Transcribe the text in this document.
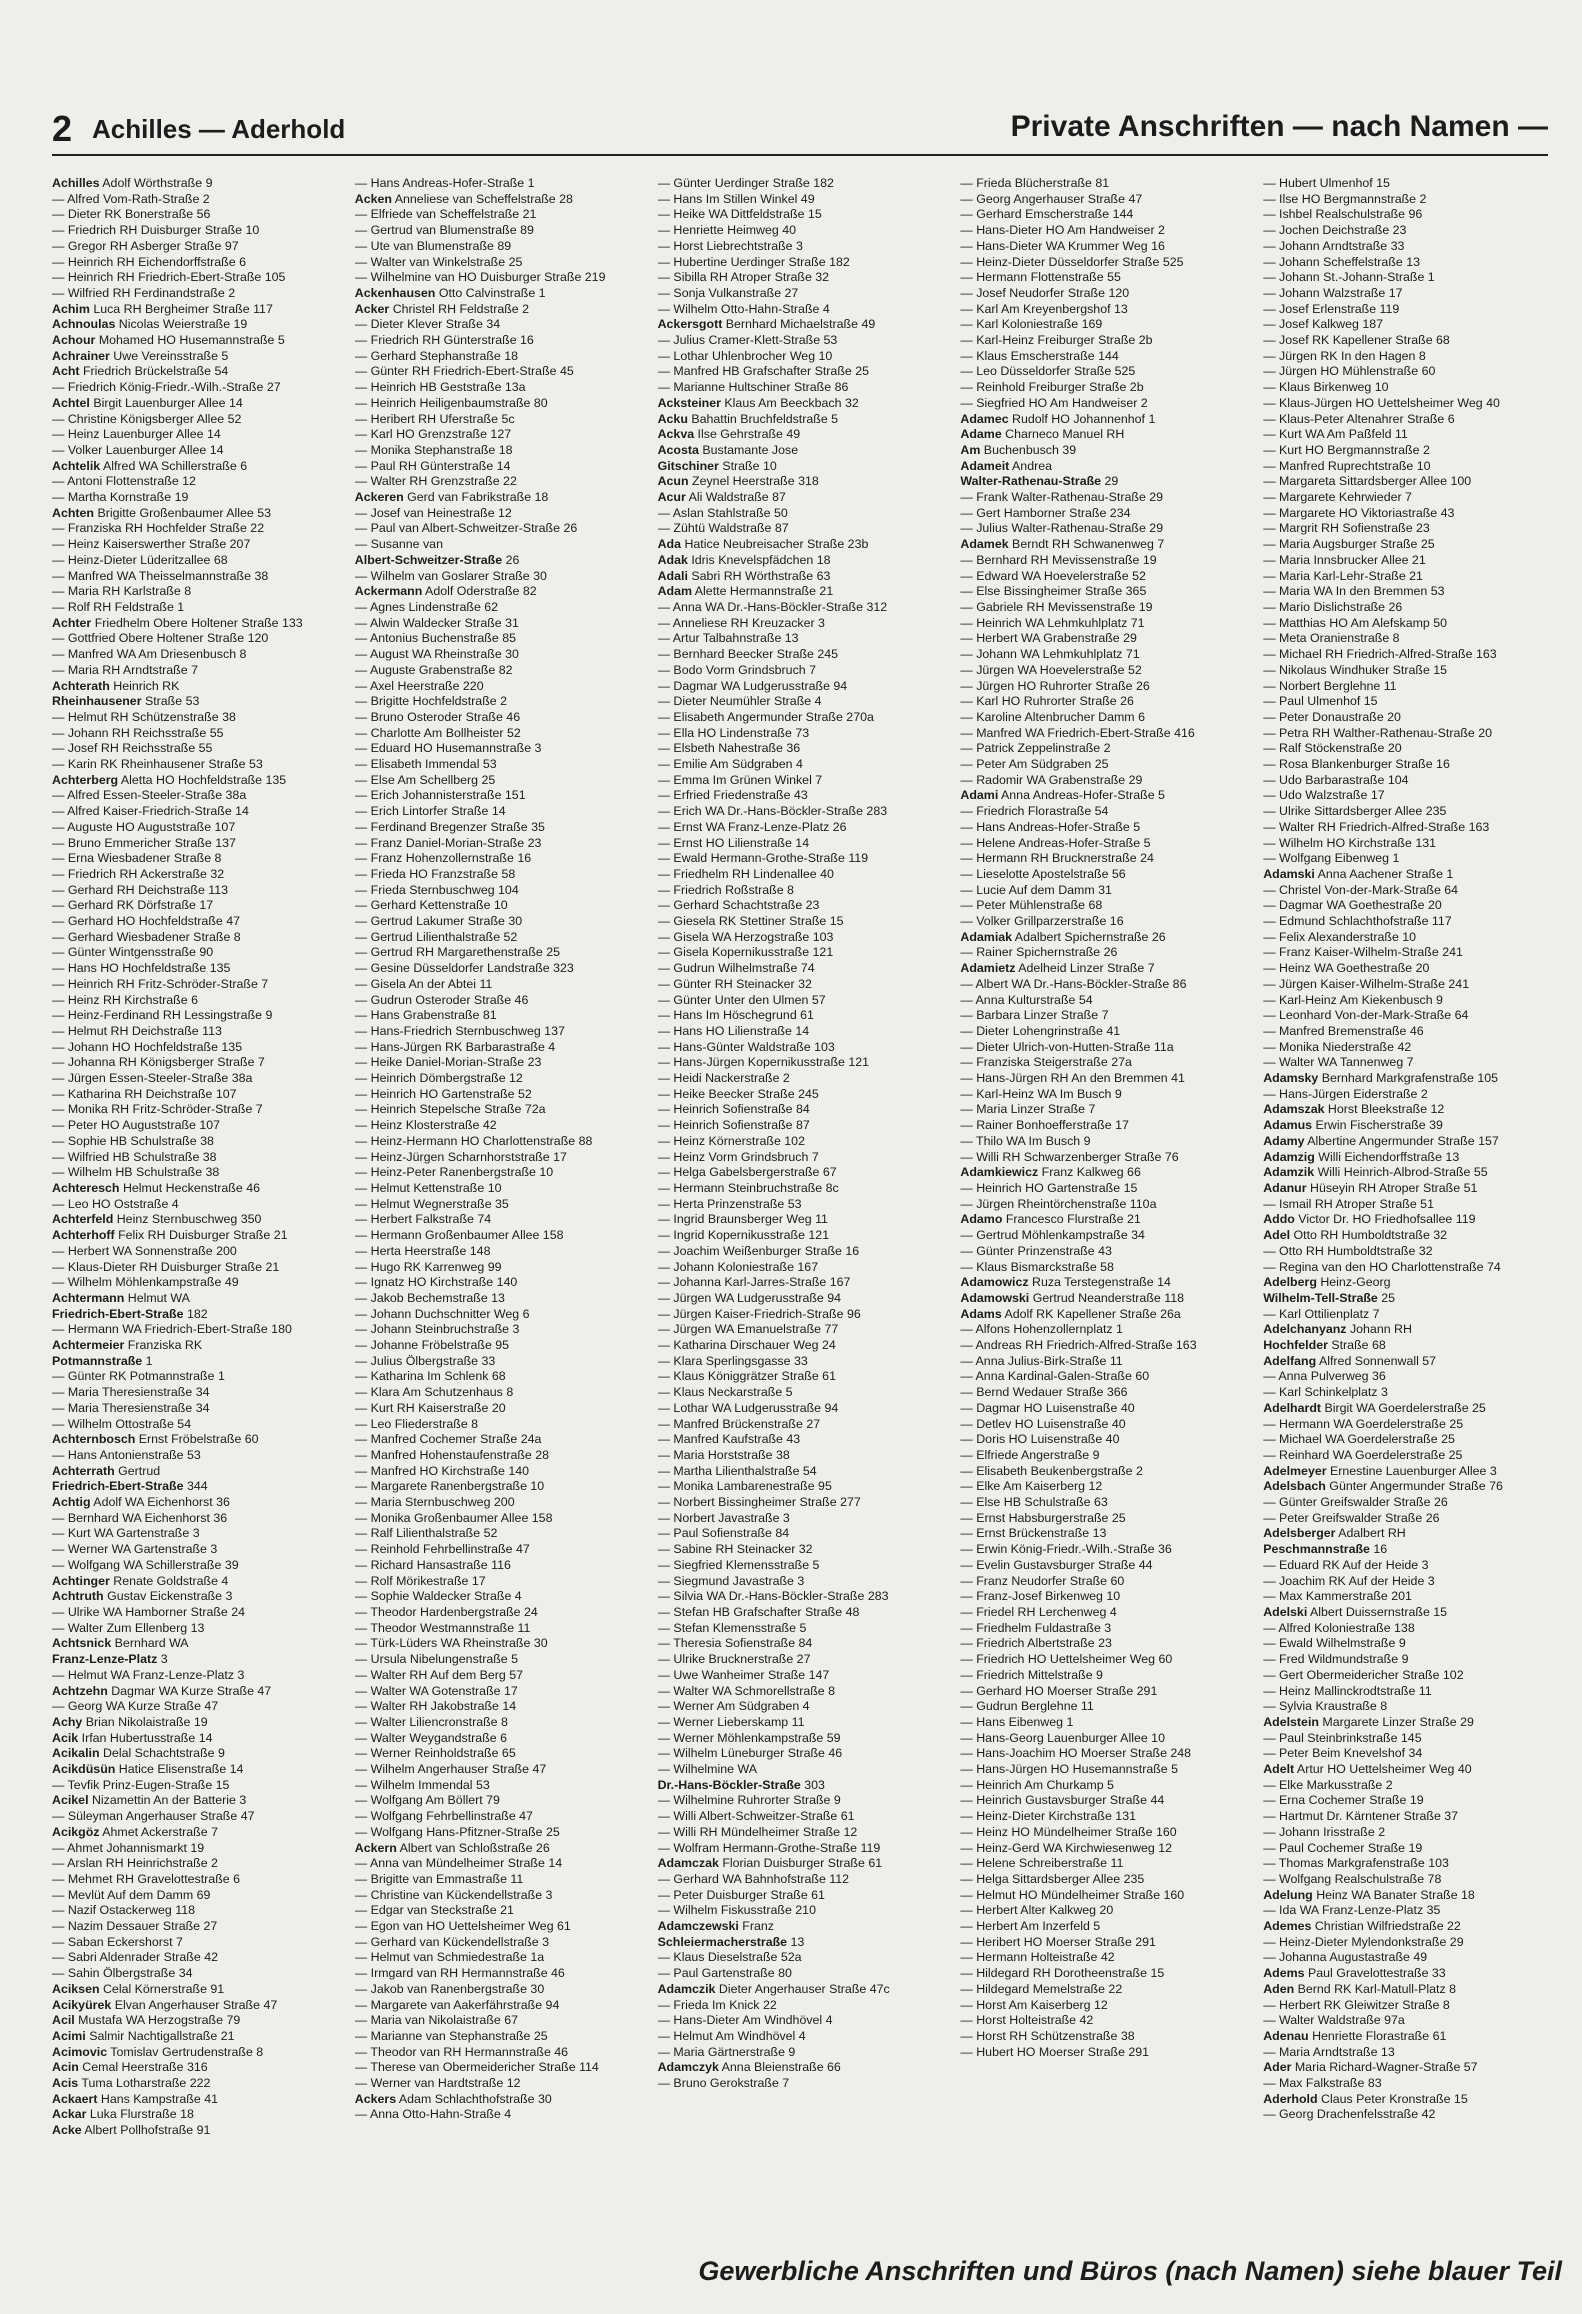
2 Achilles — Aderhold	Private Anschriften — nach Namen —
Achilles Adolf Wörthstraße 9
— Alfred Vom-Rath-Straße 2
— Dieter RK Bonerstraße 56
— Friedrich RH Duisburger Straße 10
— Gregor RH Asberger Straße 97
— Heinrich RH Eichendorffstraße 6
— Heinrich RH Friedrich-Ebert-Straße 105
— Wilfried RH Ferdinandstraße 2
Achim Luca RH Bergheimer Straße 117
Achnoulas Nicolas Weierstraße 19
Achour Mohamed HO Husemannstraße 5
Achrainer Uwe Vereinsstraße 5
Acht Friedrich Brückelstraße 54
— Friedrich König-Friedr.-Wilh.-Straße 27
Achtel Birgit Lauenburger Allee 14
— Christine Königsberger Allee 52
— Heinz Lauenburger Allee 14
— Volker Lauenburger Allee 14
Achtelik Alfred WA Schillerstraße 6
— Antoni Flottenstraße 12
— Martha Kornstraße 19
Achten Brigitte Großenbaumer Allee 53
— Franziska RH Hochfelder Straße 22
— Heinz Kaiserswerther Straße 207
— Heinz-Dieter Lüderitzallee 68
— Manfred WA Theisselmannstraße 38
— Maria RH Karlstraße 8
— Rolf RH Feldstraße 1
Achter Friedhelm Obere Holtener Straße 133
— Gottfried Obere Holtener Straße 120
— Manfred WA Am Driesenbusch 8
— Maria RH Arndtstraße 7
Achterath Heinrich RK
Rheinhausener Straße 53
— Helmut RH Schützenstraße 38
— Johann RH Reichsstraße 55
— Josef RH Reichsstraße 55
— Karin RK Rheinhausener Straße 53
Achterberg Aletta HO Hochfeldstraße 135
— Alfred Essen-Steeler-Straße 38a
— Alfred Kaiser-Friedrich-Straße 14
— Auguste HO Auguststraße 107
— Bruno Emmericher Straße 137
— Erna Wiesbadener Straße 8
— Friedrich RH Ackerstraße 32
— Gerhard RH Deichstraße 113
— Gerhard RK Dörfstraße 17
— Gerhard HO Hochfeldstraße 47
— Gerhard Wiesbadener Straße 8
— Günter Wintgensstraße 90
— Hans HO Hochfeldstraße 135
— Heinrich RH Fritz-Schröder-Straße 7
— Heinz RH Kirchstraße 6
— Heinz-Ferdinand RH Lessingstraße 9
— Helmut RH Deichstraße 113
— Johann HO Hochfeldstraße 135
— Johanna RH Königsberger Straße 7
— Jürgen Essen-Steeler-Straße 38a
— Katharina RH Deichstraße 107
— Monika RH Fritz-Schröder-Straße 7
— Peter HO Auguststraße 107
— Sophie HB Schulstraße 38
— Wilfried HB Schulstraße 38
— Wilhelm HB Schulstraße 38
Achteresch Helmut Heckenstraße 46
— Leo HO Oststraße 4
Achterfeld Heinz Sternbuschweg 350
Achterhoff Felix RH Duisburger Straße 21
— Herbert WA Sonnenstraße 200
— Klaus-Dieter RH Duisburger Straße 21
— Wilhelm Möhlenkampstraße 49
Achtermann Helmut WA
Friedrich-Ebert-Straße 182
— Hermann WA Friedrich-Ebert-Straße 180
Achtermeier Franziska RK
Potmannstraße 1
— Günter RK Potmannstraße 1
— Maria Theresienstraße 34
— Maria Theresienstraße 34
— Wilhelm Ottostraße 54
Achternbosch Ernst Fröbelstraße 60
— Hans Antonienstraße 53
Achterrath Gertrud
Friedrich-Ebert-Straße 344
Achtig Adolf WA Eichenhorst 36
— Bernhard WA Eichenhorst 36
— Kurt WA Gartenstraße 3
— Werner WA Gartenstraße 3
— Wolfgang WA Schillerstraße 39
Achtinger Renate Goldstraße 4
Achtruth Gustav Eickenstraße 3
— Ulrike WA Hamborner Straße 24
— Walter Zum Ellenberg 13
Achtsnick Bernhard WA
Franz-Lenze-Platz 3
— Helmut WA Franz-Lenze-Platz 3
Achtzehn Dagmar WA Kurze Straße 47
— Georg WA Kurze Straße 47
Achy Brian Nikolaistraße 19
Acik Irfan Hubertusstraße 14
Acikalin Delal Schachtstraße 9
Acikdüsün Hatice Elisenstraße 14
— Tevfik Prinz-Eugen-Straße 15
Acikel Nizamettin An der Batterie 3
— Süleyman Angerhauser Straße 47
Acikgöz Ahmet Ackerstraße 7
— Ahmet Johannismarkt 19
— Arslan RH Heinrichstraße 2
— Mehmet RH Gravelottestraße 6
— Mevlüt Auf dem Damm 69
— Nazif Ostackerweg 118
— Nazim Dessauer Straße 27
— Saban Eckershorst 7
— Sabri Aldenrader Straße 42
— Sahin Ölbergstraße 34
Aciksen Celal Körnerstraße 91
Acikyürek Elvan Angerhauser Straße 47
Acil Mustafa WA Herzogstraße 79
Acimi Salmir Nachtigallstraße 21
Acimovic Tomislav Gertrudenstraße 8
Acin Cemal Heerstraße 316
Acis Tuma Lotharstraße 222
Ackaert Hans Kampstraße 41
Ackar Luka Flurstraße 18
Acke Albert Pollhofstraße 91
— Hans Andreas-Hofer-Straße 1
Acken Anneliese van Scheffelstraße 28
— Elfriede van Scheffelstraße 21
— Gertrud van Blumenstraße 89
— Ute van Blumenstraße 89
— Walter van Winkelstraße 25
— Wilhelmine van HO Duisburger Straße 219
Ackenhausen Otto Calvinstraße 1
Acker Christel RH Feldstraße 2
— Dieter Klever Straße 34
— Friedrich RH Günterstraße 16
— Gerhard Stephanstraße 18
— Günter RH Friedrich-Ebert-Straße 45
— Heinrich HB Geststraße 13a
— Heinrich Heiligenbaumstraße 80
— Heribert RH Uferstraße 5c
— Karl HO Grenzstraße 127
— Monika Stephanstraße 18
— Paul RH Günterstraße 14
— Walter RH Grenzstraße 22
Ackeren Gerd van Fabrikstraße 18
— Josef van Heinestraße 12
— Paul van Albert-Schweitzer-Straße 26
— Susanne van
Albert-Schweitzer-Straße 26
— Wilhelm van Goslarer Straße 30
Ackermann Adolf Oderstraße 82
— Agnes Lindenstraße 62
— Alwin Waldecker Straße 31
— Antonius Buchenstraße 85
— August WA Rheinstraße 30
— Auguste Grabenstraße 82
— Axel Heerstraße 220
— Brigitte Hochfeldstraße 2
— Bruno Osteroder Straße 46
— Charlotte Am Bollheister 52
— Eduard HO Husemannstraße 3
— Elisabeth Immendal 53
— Else Am Schellberg 25
— Erich Johannisterstraße 151
— Erich Lintorfer Straße 14
— Ferdinand Bregenzer Straße 35
— Franz Daniel-Morian-Straße 23
— Franz Hohenzollernstraße 16
— Frieda HO Franzstraße 58
— Frieda Sternbuschweg 104
— Gerhard Kettenstraße 10
— Gertrud Lakumer Straße 30
— Gertrud Lilienthalstraße 52
— Gertrud RH Margarethenstraße 25
— Gesine Düsseldorfer Landstraße 323
— Gisela An der Abtei 11
— Gudrun Osteroder Straße 46
— Hans Grabenstraße 81
— Hans-Friedrich Sternbuschweg 137
— Hans-Jürgen RK Barbarastraße 4
— Heike Daniel-Morian-Straße 23
— Heinrich Dömbergstraße 12
— Heinrich HO Gartenstraße 52
— Heinrich Stepelsche Straße 72a
— Heinz Klosterstraße 42
— Heinz-Hermann HO Charlottenstraße 88
— Heinz-Jürgen Scharnhorststraße 17
— Heinz-Peter Ranenbergstraße 10
— Helmut Kettenstraße 10
— Helmut Wegnerstraße 35
— Herbert Falkstraße 74
— Hermann Großenbaumer Allee 158
— Herta Heerstraße 148
— Hugo RK Karrenweg 99
— Ignatz HO Kirchstraße 140
— Jakob Bechemstraße 13
— Johann Duchschnitter Weg 6
— Johann Steinbruchstraße 3
— Johanne Fröbelstraße 95
— Julius Ölbergstraße 33
— Katharina Im Schlenk 68
— Klara Am Schutzenhaus 8
— Kurt RH Kaiserstraße 20
— Leo Fliederstraße 8
— Manfred Cochemer Straße 24a
— Manfred Hohenstaufenstraße 28
— Manfred HO Kirchstraße 140
— Margarete Ranenbergstraße 10
— Maria Sternbuschweg 200
— Monika Großenbaumer Allee 158
— Ralf Lilienthalstraße 52
— Reinhold Fehrbellinstraße 47
— Richard Hansastraße 116
— Rolf Mörikestraße 17
— Sophie Waldecker Straße 4
— Theodor Hardenbergstraße 24
— Theodor Westmannstraße 11
— Türk-Lüders WA Rheinstraße 30
— Ursula Nibelungenstraße 5
— Walter RH Auf dem Berg 57
— Walter WA Gotenstraße 17
— Walter RH Jakobstraße 14
— Walter Liliencronstraße 8
— Walter Weygandstraße 6
— Werner Reinholdstraße 65
— Wilhelm Angerhauser Straße 47
— Wilhelm Immendal 53
— Wolfgang Am Böllert 79
— Wolfgang Fehrbellinstraße 47
— Wolfgang Hans-Pfitzner-Straße 25
Ackern Albert van Schloßstraße 26
— Anna van Mündelheimer Straße 14
— Brigitte van Emmastraße 11
— Christine van Kückendellstraße 3
— Edgar van Steckstraße 21
— Egon van HO Uettelsheimer Weg 61
— Gerhard van Kückendellstraße 3
— Helmut van Schmiedestraße 1a
— Irmgard van RH Hermannstraße 46
— Jakob van Ranenbergstraße 30
— Margarete van Aakerfährstraße 94
— Maria van Nikolaistraße 67
— Marianne van Stephanstraße 25
— Theodor van RH Hermannstraße 46
— Therese van Obermeidericher Straße 114
— Werner van Hardtstraße 12
Ackers Adam Schlachthofstraße 30
— Anna Otto-Hahn-Straße 4
— Günter Uerdinger Straße 182
— Hans Im Stillen Winkel 49
— Heike WA Dittfeldstraße 15
— Henriette Heimweg 40
— Horst Liebrechtstraße 3
— Hubertine Uerdinger Straße 182
— Sibilla RH Atroper Straße 32
— Sonja Vulkanstraße 27
— Wilhelm Otto-Hahn-Straße 4
Ackersgott Bernhard Michaelstraße 49
— Julius Cramer-Klett-Straße 53
— Lothar Uhlenbrocher Weg 10
— Manfred HB Grafschafter Straße 25
— Marianne Hultschiner Straße 86
Acksteiner Klaus Am Beeckbach 32
Acku Bahattin Bruchfeldstraße 5
Ackva Ilse Gehrstraße 49
Acosta Bustamante Jose
Gitschiner Straße 10
Acun Zeynel Heerstraße 318
Acur Ali Waldstraße 87
— Aslan Stahlstraße 50
— Zühtü Waldstraße 87
Ada Hatice Neubreisacher Straße 23b
Adak Idris Knevelspfädchen 18
Adali Sabri RH Wörthstraße 63
Adam Alette Hermannstraße 21
— Anna WA Dr.-Hans-Böckler-Straße 312
— Anneliese RH Kreuzacker 3
— Artur Talbahnstraße 13
— Bernhard Beecker Straße 245
— Bodo Vorm Grindsbruch 7
— Dagmar WA Ludgerusstraße 94
— Dieter Neumühler Straße 4
— Elisabeth Angermunder Straße 270a
— Ella HO Lindenstraße 73
— Elsbeth Nahestraße 36
— Emilie Am Südgraben 4
— Emma Im Grünen Winkel 7
— Erfried Friedenstraße 43
— Erich WA Dr.-Hans-Böckler-Straße 283
— Ernst WA Franz-Lenze-Platz 26
— Ernst HO Lilienstraße 14
— Ewald Hermann-Grothe-Straße 119
— Friedhelm RH Lindenallee 40
— Friedrich Roßstraße 8
— Gerhard Schachtstraße 23
— Giesela RK Stettiner Straße 15
— Gisela WA Herzogstraße 103
— Gisela Kopernikusstraße 121
— Gudrun Wilhelmstraße 74
— Günter RH Steinacker 32
— Günter Unter den Ulmen 57
— Hans Im Höschegrund 61
— Hans HO Lilienstraße 14
— Hans-Günter Waldstraße 103
— Hans-Jürgen Kopernikusstraße 121
— Heidi Nackerstraße 2
— Heike Beecker Straße 245
— Heinrich Sofienstraße 84
— Heinrich Sofienstraße 87
— Heinz Körnerstraße 102
— Heinz Vorm Grindsbruch 7
— Helga Gabelsbergerstraße 67
— Hermann Steinbruchstraße 8c
— Herta Prinzenstraße 53
— Ingrid Braunsberger Weg 11
— Ingrid Kopernikusstraße 121
— Joachim Weißenburger Straße 16
— Johann Koloniestraße 167
— Johanna Karl-Jarres-Straße 167
— Jürgen WA Ludgerusstraße 94
— Jürgen Kaiser-Friedrich-Straße 96
— Jürgen WA Emanuelstraße 77
— Katharina Dirschauer Weg 24
— Klara Sperlingsgasse 33
— Klaus Königgrätzer Straße 61
— Klaus Neckarstraße 5
— Lothar WA Ludgerusstraße 94
— Manfred Brückenstraße 27
— Manfred Kaufstraße 43
— Maria Horststraße 38
— Martha Lilienthalstraße 54
— Monika Lambarenestraße 95
— Norbert Bissingheimer Straße 277
— Norbert Javastraße 3
— Paul Sofienstraße 84
— Sabine RH Steinacker 32
— Siegfried Klemensstraße 5
— Siegmund Javastraße 3
— Silvia WA Dr.-Hans-Böckler-Straße 283
— Stefan HB Grafschafter Straße 48
— Stefan Klemensstraße 5
— Theresia Sofienstraße 84
— Ulrike Brucknerstraße 27
— Uwe Wanheimer Straße 147
— Walter WA Schmorellstraße 8
— Werner Am Südgraben 4
— Werner Lieberskamp 11
— Werner Möhlenkampstraße 59
— Wilhelm Lüneburger Straße 46
— Wilhelmine WA
Dr.-Hans-Böckler-Straße 303
— Wilhelmine Ruhrorter Straße 9
— Willi Albert-Schweitzer-Straße 61
— Willi RH Mündelheimer Straße 12
— Wolfram Hermann-Grothe-Straße 119
Adamczak Florian Duisburger Straße 61
— Gerhard WA Bahnhofstraße 112
— Peter Duisburger Straße 61
— Wilhelm Fiskusstraße 210
Adamczewski Franz
Schleiermacherstraße 13
— Klaus Dieselstraße 52a
— Paul Gartenstraße 80
Adamczik Dieter Angerhauser Straße 47c
— Frieda Im Knick 22
— Hans-Dieter Am Windhövel 4
— Helmut Am Windhövel 4
— Maria Gärtnerstraße 9
Adamczyk Anna Bleienstraße 66
— Bruno Gerokstraße 7
— Frieda Blücherstraße 81
— Georg Angerhauser Straße 47
— Gerhard Emscherstraße 144
— Hans-Dieter HO Am Handweiser 2
— Hans-Dieter WA Krummer Weg 16
— Heinz-Dieter Düsseldorfer Straße 525
— Hermann Flottenstraße 55
— Josef Neudorfer Straße 120
— Karl Am Kreyenbergshof 13
— Karl Koloniestraße 169
— Karl-Heinz Freiburger Straße 2b
— Klaus Emscherstraße 144
— Leo Düsseldorfer Straße 525
— Reinhold Freiburger Straße 2b
— Siegfried HO Am Handweiser 2
Adamec Rudolf HO Johannenhof 1
Adame Charneco Manuel RH
Am Buchenbusch 39
Adameit Andrea
Walter-Rathenau-Straße 29
— Frank Walter-Rathenau-Straße 29
— Gert Hamborner Straße 234
— Julius Walter-Rathenau-Straße 29
Adamek Berndt RH Schwanenweg 7
— Bernhard RH Mevissenstraße 19
— Edward WA Hoevelerstraße 52
— Else Bissingheimer Straße 365
— Gabriele RH Mevissenstraße 19
— Heinrich WA Lehmkuhlplatz 71
— Herbert WA Grabenstraße 29
— Johann WA Lehmkuhlplatz 71
— Jürgen WA Hoevelerstraße 52
— Jürgen HO Ruhrorter Straße 26
— Karl HO Ruhrorter Straße 26
— Karoline Altenbrucher Damm 6
— Manfred WA Friedrich-Ebert-Straße 416
— Patrick Zeppelinstraße 2
— Peter Am Südgraben 25
— Radomir WA Grabenstraße 29
Adami Anna Andreas-Hofer-Straße 5
— Friedrich Florastraße 54
— Hans Andreas-Hofer-Straße 5
— Helene Andreas-Hofer-Straße 5
— Hermann RH Brucknerstraße 24
— Lieselotte Apostelstraße 56
— Lucie Auf dem Damm 31
— Peter Mühlenstraße 68
— Volker Grillparzerstraße 16
Adamiak Adalbert Spichernstraße 26
— Rainer Spichernstraße 26
Adamietz Adelheid Linzer Straße 7
— Albert WA Dr.-Hans-Böckler-Straße 86
— Anna Kulturstraße 54
— Barbara Linzer Straße 7
— Dieter Lohengrinstraße 41
— Dieter Ulrich-von-Hutten-Straße 11a
— Franziska Steigerstraße 27a
— Hans-Jürgen RH An den Bremmen 41
— Karl-Heinz WA Im Busch 9
— Maria Linzer Straße 7
— Rainer Bonhoefferstraße 17
— Thilo WA Im Busch 9
— Willi RH Schwarzenberger Straße 76
Adamkiewicz Franz Kalkweg 66
— Heinrich HO Gartenstraße 15
— Jürgen Rheintörchenstraße 110a
Adamo Francesco Flurstraße 21
— Gertrud Möhlenkampstraße 34
— Günter Prinzenstraße 43
— Klaus Bismarckstraße 58
Adamowicz Ruza Terstegenstraße 14
Adamowski Gertrud Neanderstraße 118
Adams Adolf RK Kapellener Straße 26a
— Alfons Hohenzollernplatz 1
— Andreas RH Friedrich-Alfred-Straße 163
— Anna Julius-Birk-Straße 11
— Anna Kardinal-Galen-Straße 60
— Bernd Wedauer Straße 366
— Dagmar HO Luisenstraße 40
— Detlev HO Luisenstraße 40
— Doris HO Luisenstraße 40
— Elfriede Angerstraße 9
— Elisabeth Beukenbergstraße 2
— Elke Am Kaiserberg 12
— Else HB Schulstraße 63
— Ernst Habsburgerstraße 25
— Ernst Brückenstraße 13
— Erwin König-Friedr.-Wilh.-Straße 36
— Evelin Gustavsburger Straße 44
— Franz Neudorfer Straße 60
— Franz-Josef Birkenweg 10
— Friedel RH Lerchenweg 4
— Friedhelm Fuldastraße 3
— Friedrich Albertstraße 23
— Friedrich HO Uettelsheimer Weg 60
— Friedrich Mittelstraße 9
— Gerhard HO Moerser Straße 291
— Gudrun Berglehne 11
— Hans Eibenweg 1
— Hans-Georg Lauenburger Allee 10
— Hans-Joachim HO Moerser Straße 248
— Hans-Jürgen HO Husemannstraße 5
— Heinrich Am Churkamp 5
— Heinrich Gustavsburger Straße 44
— Heinz-Dieter Kirchstraße 131
— Heinz HO Mündelheimer Straße 160
— Heinz-Gerd WA Kirchwiesenweg 12
— Helene Schreiberstraße 11
— Helga Sittardsberger Allee 235
— Helmut HO Mündelheimer Straße 160
— Herbert Alter Kalkweg 20
— Herbert Am Inzerfeld 5
— Heribert HO Moerser Straße 291
— Hermann Holteistraße 42
— Hildegard RH Dorotheenstraße 15
— Hildegard Memelstraße 22
— Horst Am Kaiserberg 12
— Horst Holteistraße 42
— Horst RH Schützenstraße 38
— Hubert HO Moerser Straße 291
— Hubert Ulmenhof 15
— Ilse HO Bergmannstraße 2
— Ishbel Realschulstraße 96
— Jochen Deichstraße 23
— Johann Arndtstraße 33
— Johann Scheffelstraße 13
— Johann St.-Johann-Straße 1
— Johann Walzstraße 17
— Josef Erlenstraße 119
— Josef Kalkweg 187
— Josef RK Kapellener Straße 68
— Jürgen RK In den Hagen 8
— Jürgen HO Mühlenstraße 60
— Klaus Birkenweg 10
— Klaus-Jürgen HO Uettelsheimer Weg 40
— Klaus-Peter Altenahrer Straße 6
— Kurt WA Am Paßfeld 11
— Kurt HO Bergmannstraße 2
— Manfred Ruprechtstraße 10
— Margareta Sittardsberger Allee 100
— Margarete Kehrwieder 7
— Margarete HO Viktoriastraße 43
— Margrit RH Sofienstraße 23
— Maria Augsburger Straße 25
— Maria Innsbrucker Allee 21
— Maria Karl-Lehr-Straße 21
— Maria WA In den Bremmen 53
— Mario Dislichstraße 26
— Matthias HO Am Alefskamp 50
— Meta Oranienstraße 8
— Michael RH Friedrich-Alfred-Straße 163
— Nikolaus Windhuker Straße 15
— Norbert Berglehne 11
— Paul Ulmenhof 15
— Peter Donaustraße 20
— Petra RH Walther-Rathenau-Straße 20
— Ralf Stöckenstraße 20
— Rosa Blankenburger Straße 16
— Udo Barbarastraße 104
— Udo Walzstraße 17
— Ulrike Sittardsberger Allee 235
— Walter RH Friedrich-Alfred-Straße 163
— Wilhelm HO Kirchstraße 131
— Wolfgang Eibenweg 1
Adamski Anna Aachener Straße 1
— Christel Von-der-Mark-Straße 64
— Dagmar WA Goethestraße 20
— Edmund Schlachthofstraße 117
— Felix Alexanderstraße 10
— Franz Kaiser-Wilhelm-Straße 241
— Heinz WA Goethestraße 20
— Jürgen Kaiser-Wilhelm-Straße 241
— Karl-Heinz Am Kiekenbusch 9
— Leonhard Von-der-Mark-Straße 64
— Manfred Bremenstraße 46
— Monika Niederstraße 42
— Walter WA Tannenweg 7
Adamsky Bernhard Markgrafenstraße 105
— Hans-Jürgen Eiderstraße 2
Adamszak Horst Bleekstraße 12
Adamus Erwin Fischerstraße 39
Adamy Albertine Angermunder Straße 157
Adamzig Willi Eichendorffstraße 13
Adamzik Willi Heinrich-Albrod-Straße 55
Adanur Hüseyin RH Atroper Straße 51
— Ismail RH Atroper Straße 51
Addo Victor Dr. HO Friedhofsallee 119
Adel Otto RH Humboldtstraße 32
— Otto RH Humboldtstraße 32
— Regina van den HO Charlottenstraße 74
Adelberg Heinz-Georg
Wilhelm-Tell-Straße 25
— Karl Ottilienplatz 7
Adelchanyanz Johann RH
Hochfelder Straße 68
Adelfang Alfred Sonnenwall 57
— Anna Pulverweg 36
— Karl Schinkelplatz 3
Adelhardt Birgit WA Goerdelerstraße 25
— Hermann WA Goerdelerstraße 25
— Michael WA Goerdelerstraße 25
— Reinhard WA Goerdelerstraße 25
Adelmeyer Ernestine Lauenburger Allee 3
Adelsbach Günter Angermunder Straße 76
— Günter Greifswalder Straße 26
— Peter Greifswalder Straße 26
Adelsberger Adalbert RH
Peschmannstraße 16
— Eduard RK Auf der Heide 3
— Joachim RK Auf der Heide 3
— Max Kammerstraße 201
Adelski Albert Duissernstraße 15
— Alfred Koloniestraße 138
— Ewald Wilhelmstraße 9
— Fred Wildmundstraße 9
— Gert Obermeidericher Straße 102
— Heinz Mallinckrodtstraße 11
— Sylvia Kraustraße 8
Adelstein Margarete Linzer Straße 29
— Paul Steinbrinkstraße 145
— Peter Beim Knevelshof 34
Adelt Artur HO Uettelsheimer Weg 40
— Elke Markusstraße 2
— Erna Cochemer Straße 19
— Hartmut Dr. Kärntener Straße 37
— Johann Irisstraße 2
— Paul Cochemer Straße 19
— Thomas Markgrafenstraße 103
— Wolfgang Realschulstraße 78
Adelung Heinz WA Banater Straße 18
— Ida WA Franz-Lenze-Platz 35
Ademes Christian Wilfriedstraße 22
— Heinz-Dieter Mylendonkstraße 29
— Johanna Augustastraße 49
Adems Paul Gravelottestraße 33
Aden Bernd RK Karl-Matull-Platz 8
— Herbert RK Gleiwitzer Straße 8
— Walter Waldstraße 97a
Adenau Henriette Florastraße 61
— Maria Arndtstraße 13
Ader Maria Richard-Wagner-Straße 57
— Max Falkstraße 83
Aderhold Claus Peter Kronstraße 15
— Georg Drachenfelsstraße 42
Gewerbliche Anschriften und Büros (nach Namen) siehe blauer Teil
